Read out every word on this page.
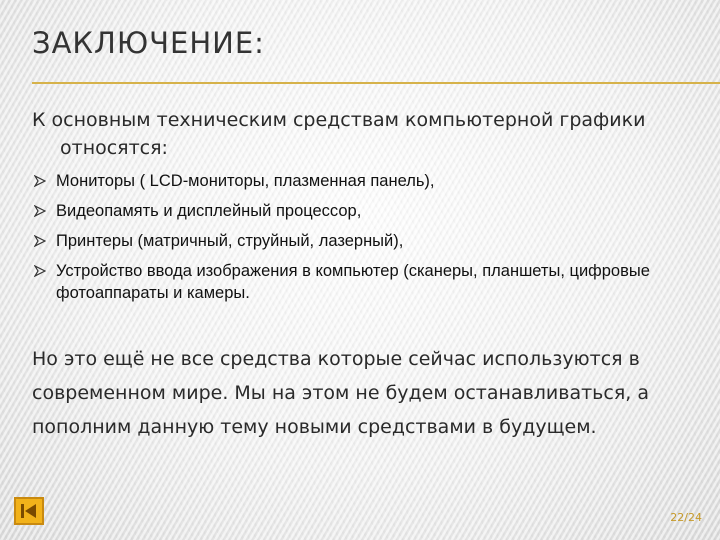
ЗАКЛЮЧЕНИЕ:
К основным техническим средствам компьютерной графики
относятся:
Мониторы ( LCD-мониторы, плазменная панель),
Видеопамять и дисплейный процессор,
Принтеры (матричный, струйный, лазерный),
Устройство ввода изображения в компьютер (сканеры, планшеты, цифровые фотоаппараты и камеры.
Но это ещё не все средства которые сейчас используются в современном мире. Мы на этом не будем останавливаться, а пополним данную тему новыми средствами в будущем.
22/24
